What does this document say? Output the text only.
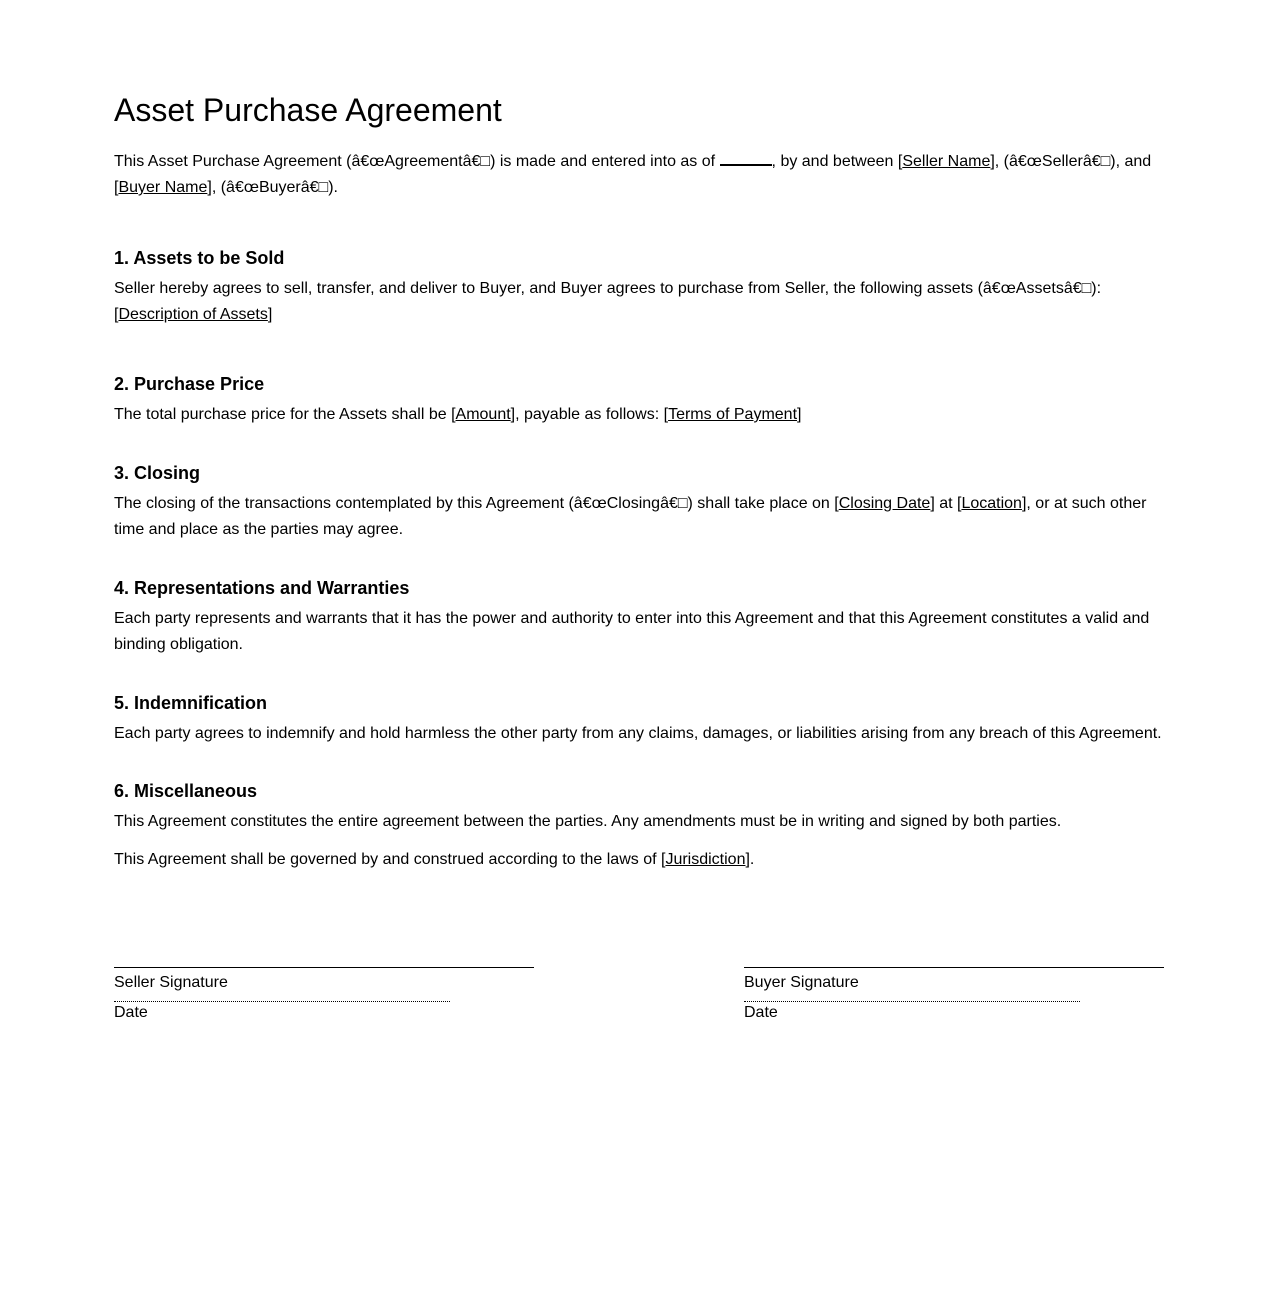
Asset Purchase Agreement

This Asset Purchase Agreement (â€œAgreementâ€□) is made and entered into as of	, by and between [Seller Name], (â€œSellerâ€□), and [Buyer Name], (â€œBuyerâ€□).

1. Assets to be Sold

Seller hereby agrees to sell, transfer, and deliver to Buyer, and Buyer agrees to purchase from Seller, the following assets (â€œAssetsâ€□): [Description of Assets]

2. Purchase Price

The total purchase price for the Assets shall be [Amount], payable as follows: [Terms of Payment]

3. Closing

The closing of the transactions contemplated by this Agreement (â€œClosingâ€□) shall take place on [Closing Date] at [Location], or at such other time and place as the parties may agree.

4. Representations and Warranties

Each party represents and warrants that it has the power and authority to enter into this Agreement and that this Agreement constitutes a valid and binding obligation.

5. Indemnification

Each party agrees to indemnify and hold harmless the other party from any claims, damages, or liabilities arising from any breach of this Agreement.

6. Miscellaneous

This Agreement constitutes the entire agreement between the parties. Any amendments must be in writing and signed by both parties.

This Agreement shall be governed by and construed according to the laws of [Jurisdiction].

Seller Signature
Date
Buyer Signature
Date
